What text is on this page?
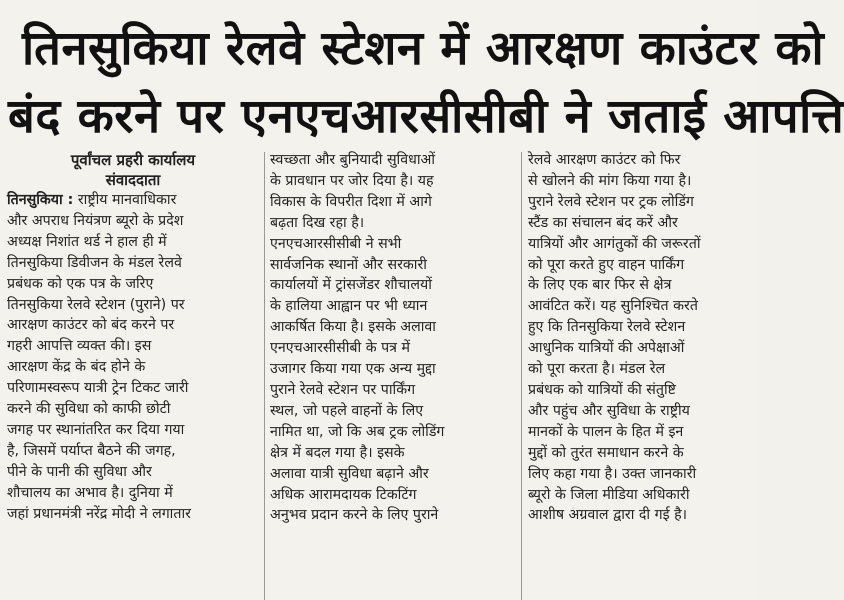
तिनसुकिया रेलवे स्टेशन में आरक्षण काउंटर को
बंद करने पर एनएचआरसीसीबी ने जताई आपत्ति
पूर्वांचल प्रहरी कार्यालय
संवाददाता
तिनसुकिया : राष्ट्रीय मानवाधिकार
और अपराध नियंत्रण ब्यूरो के प्रदेश
अध्यक्ष निशांत थर्ड ने हाल ही में
तिनसुकिया डिवीजन के मंडल रेलवे
प्रबंधक को एक पत्र के जरिए
तिनसुकिया रेलवे स्टेशन (पुराने) पर
आरक्षण काउंटर को बंद करने पर
गहरी आपत्ति व्यक्त की। इस
आरक्षण केंद्र के बंद होने के
परिणामस्वरूप यात्री ट्रेन टिकट जारी
करने की सुविधा को काफी छोटी
जगह पर स्थानांतरित कर दिया गया
है, जिसमें पर्याप्त बैठने की जगह,
पीने के पानी की सुविधा और
शौचालय का अभाव है। दुनिया में
जहां प्रधानमंत्री नरेंद्र मोदी ने लगातार
स्वच्छता और बुनियादी सुविधाओं
के प्रावधान पर जोर दिया है। यह
विकास के विपरीत दिशा में आगे
बढ़ता दिख रहा है।
एनएचआरसीसीबी ने सभी
सार्वजनिक स्थानों और सरकारी
कार्यालयों में ट्रांसजेंडर शौचालयों
के हालिया आह्वान पर भी ध्यान
आकर्षित किया है। इसके अलावा
एनएचआरसीसीबी के पत्र में
उजागर किया गया एक अन्य मुद्दा
पुराने रेलवे स्टेशन पर पार्किंग
स्थल, जो पहले वाहनों के लिए
नामित था, जो कि अब ट्रक लोडिंग
क्षेत्र में बदल गया है। इसके
अलावा यात्री सुविधा बढ़ाने और
अधिक आरामदायक टिकटिंग
अनुभव प्रदान करने के लिए पुराने
रेलवे आरक्षण काउंटर को फिर
से खोलने की मांग किया गया है।
पुराने रेलवे स्टेशन पर ट्रक लोडिंग
स्टैंड का संचालन बंद करें और
यात्रियों और आगंतुकों की जरूरतों
को पूरा करते हुए वाहन पार्किंग
के लिए एक बार फिर से क्षेत्र
आवंटित करें। यह सुनिश्चित करते
हुए कि तिनसुकिया रेलवे स्टेशन
आधुनिक यात्रियों की अपेक्षाओं
को पूरा करता है। मंडल रेल
प्रबंधक को यात्रियों की संतुष्टि
और पहुंच और सुविधा के राष्ट्रीय
मानकों के पालन के हित में इन
मुद्दों को तुरंत समाधान करने के
लिए कहा गया है। उक्त जानकारी
ब्यूरो के जिला मीडिया अधिकारी
आशीष अग्रवाल द्वारा दी गई है।
